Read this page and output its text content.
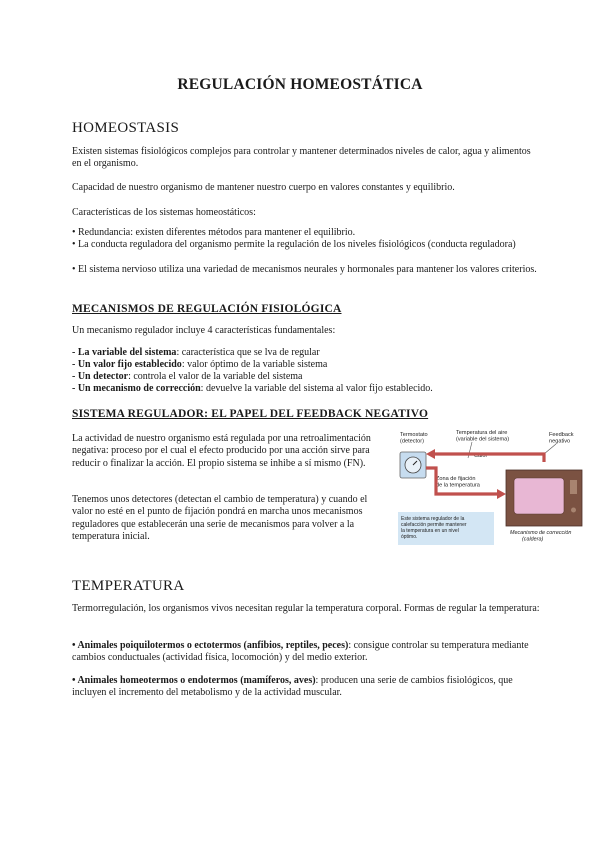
REGULACIÓN HOMEOSTÁTICA
HOMEOSTASIS

Existen sistemas fisiológicos complejos para controlar y mantener determinados niveles de calor, agua y alimentos en el organismo.

Capacidad de nuestro organismo de mantener nuestro cuerpo en valores constantes y equilibrio.

Características de los sistemas homeostáticos:

• Redundancia: existen diferentes métodos para mantener el equilibrio.

• La conducta reguladora del organismo permite la regulación de los niveles fisiológicos (conducta reguladora)

• El sistema nervioso utiliza una variedad de mecanismos neurales y hormonales para mantener los valores criterios.

MECANISMOS DE REGULACIÓN FISIOLÓGICA

Un mecanismo regulador incluye 4 características fundamentales:

- La variable del sistema: característica que se lva de regular

- Un valor fijo establecido: valor óptimo de la variable sistema

- Un detector: controla el valor de la variable del sistema

- Un mecanismo de corrección: devuelve la variable del sistema al valor fijo establecido.

SISTEMA REGULADOR: EL PAPEL DEL FEEDBACK NEGATIVO

La actividad de nuestro organismo está regulada por una retroalimentación negativa: proceso por el cual el efecto producido por una acción sirve para reducir o finalizar la acción. El propio sistema se inhibe a sí mismo (FN).

Tenemos unos detectores (detectan el cambio de temperatura) y cuando el valor no esté en el punto de fijación pondrá en marcha unos mecanismos reguladores que establecerán una serie de mecanismos para volver a la temperatura inicial.

Termostato
(detector)
Temperatura del aire
(variable del sistema)
Feedback
negativo
Calor
Zona de fijación
de la temperatura
Este sistema regulador de la
calefacción permite mantener
la temperatura en un nivel
óptimo.
Mecanismo de corrección
(caldera)
TEMPERATURA

Termorregulación, los organismos vivos necesitan regular la temperatura corporal. Formas de regular la temperatura:

• Animales poiquilotermos o ectotermos (anfibios, reptiles, peces): consigue controlar su temperatura mediante cambios conductuales (actividad física, locomoción) y del medio exterior.

• Animales homeotermos o endotermos (mamíferos, aves): producen una serie de cambios fisiológicos, que incluyen el incremento del metabolismo y de la actividad muscular.
